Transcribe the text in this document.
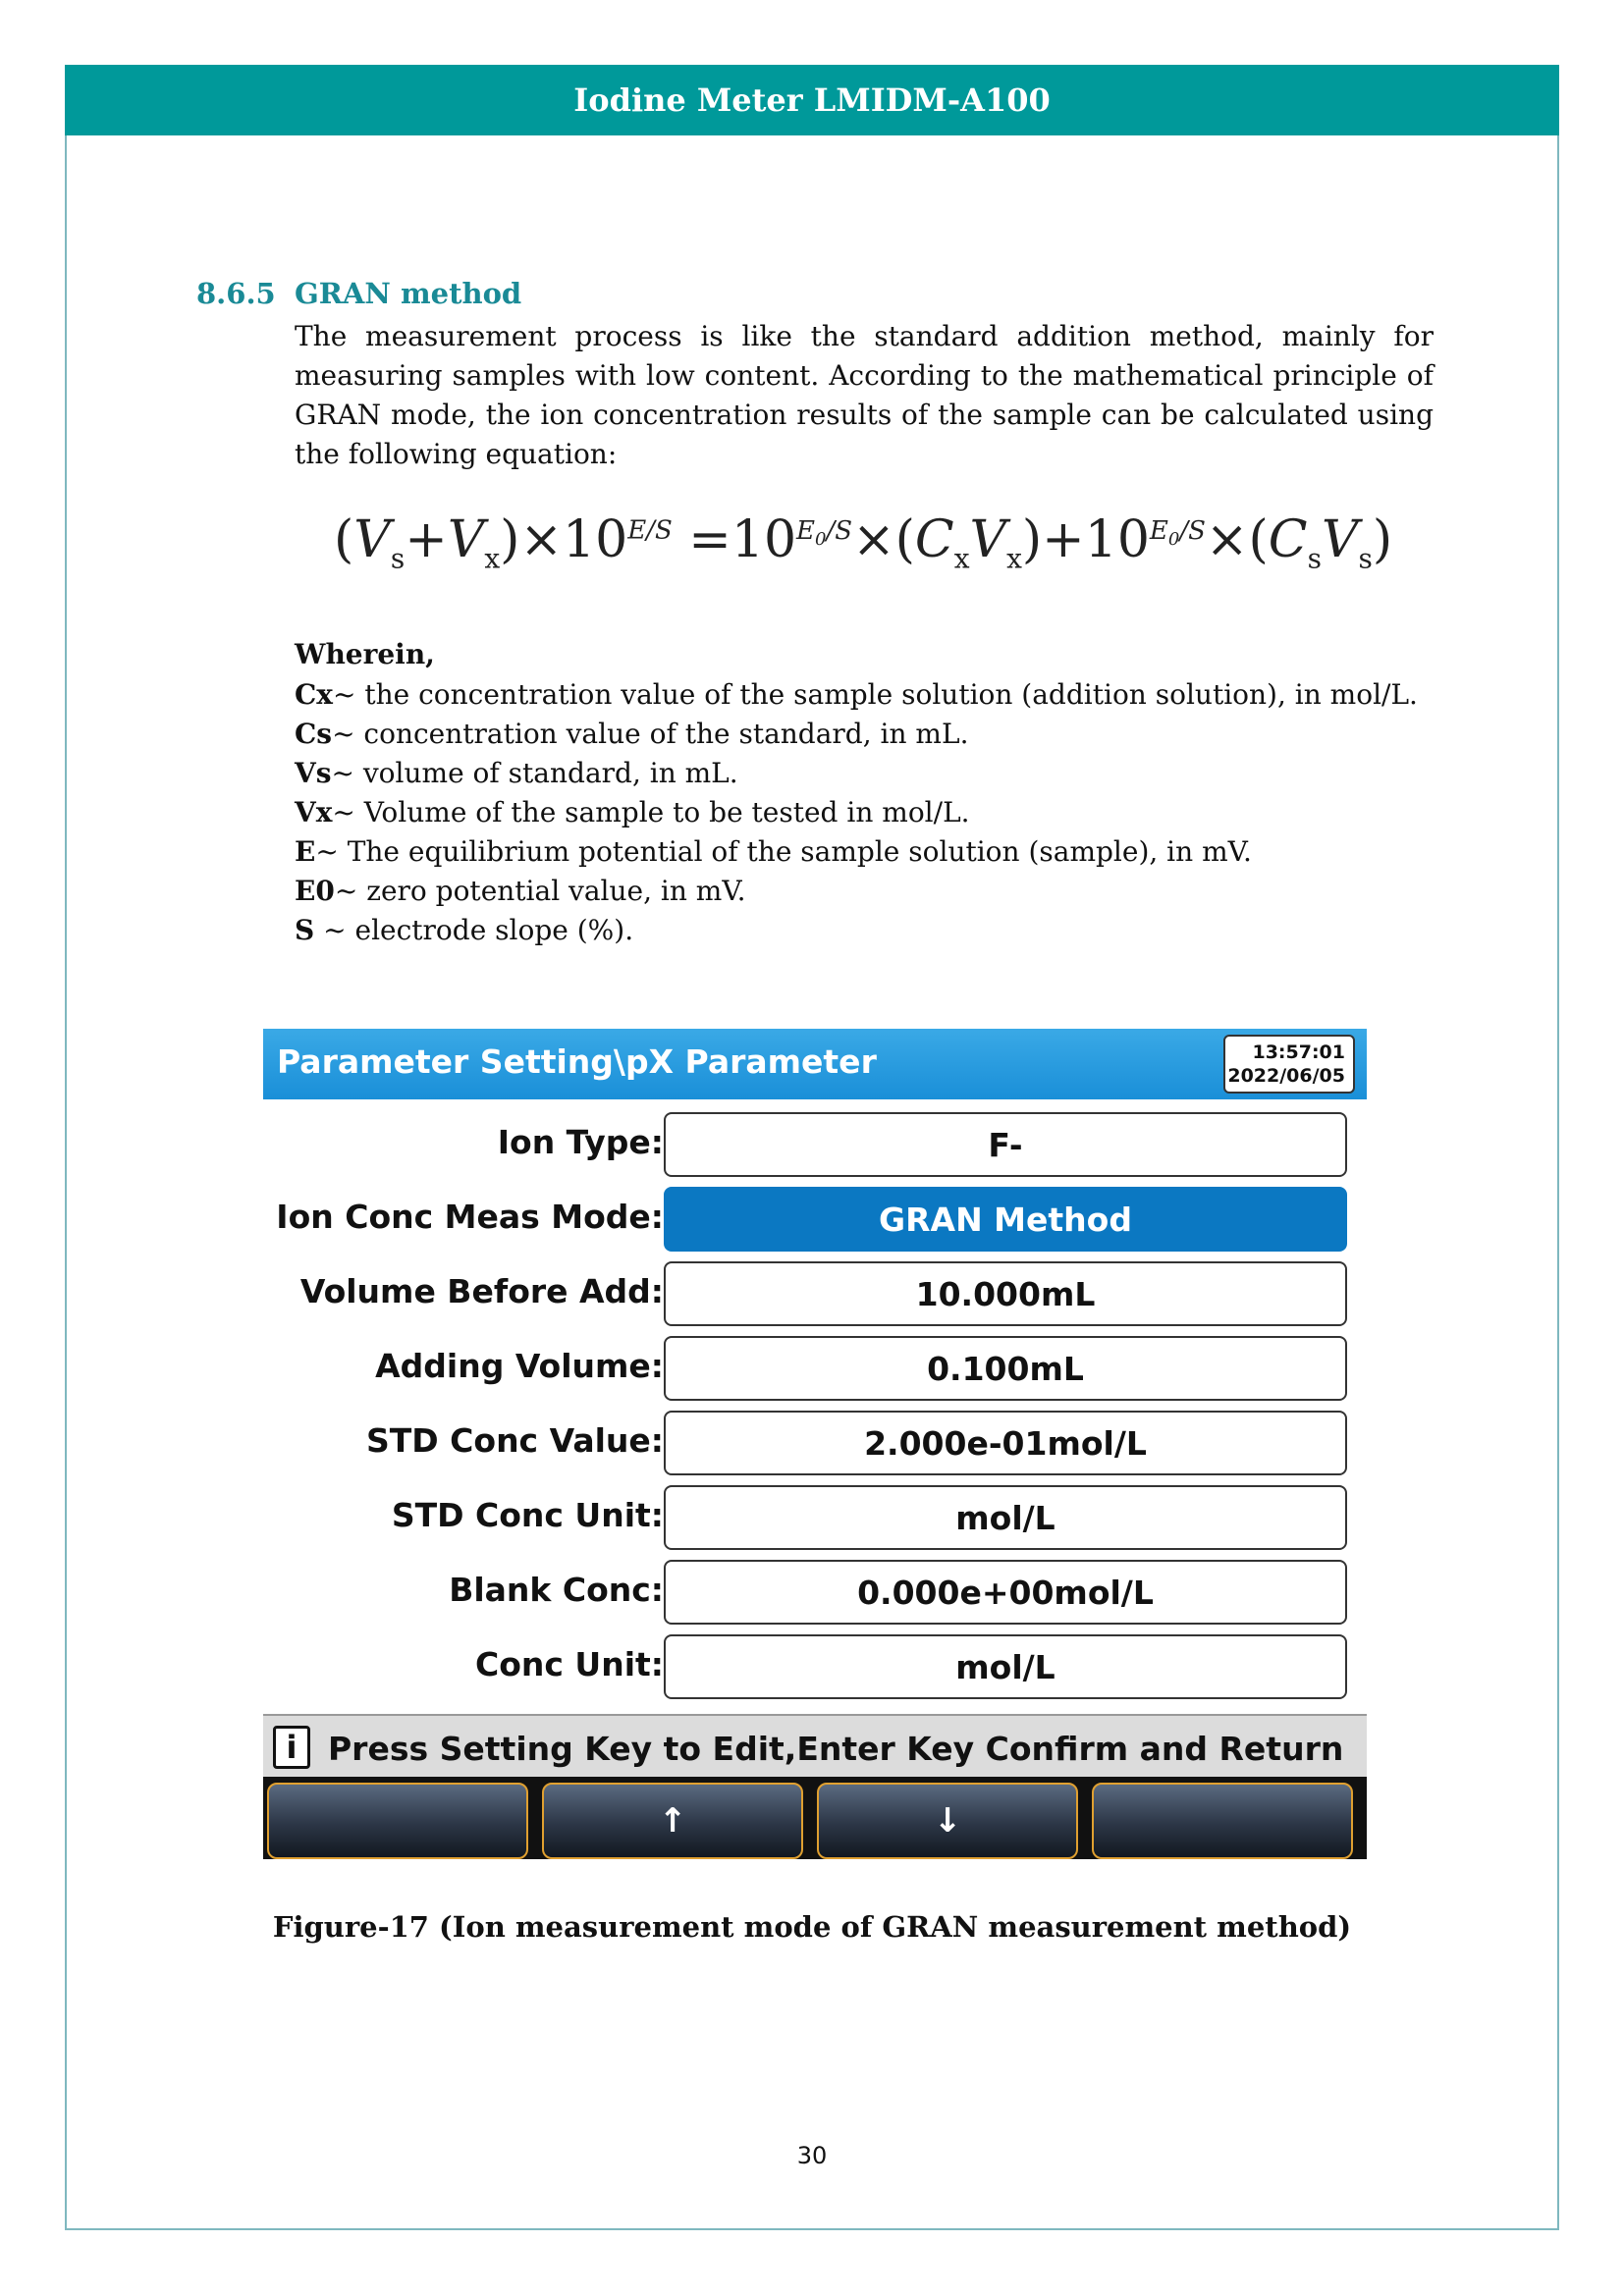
Iodine Meter LMIDM-A100
8.6.5 GRAN method
The measurement process is like the standard addition method, mainly for measuring samples with low content. According to the mathematical principle of GRAN mode, the ion concentration results of the sample can be calculated using the following equation:
$(V_s+V_x)\times 10^{E/S} =10^{E_0/S}\times(C_xV_x)+10^{E_0/S}\times(C_sV_s)$
Wherein,
Cx~ the concentration value of the sample solution (addition solution), in mol/L.
Cs~ concentration value of the standard, in mL.
Vs~ volume of standard, in mL.
Vx~ Volume of the sample to be tested in mol/L.
E~ The equilibrium potential of the sample solution (sample), in mV.
E0~ zero potential value, in mV.
S ~ electrode slope (%).
Parameter Setting\pX Parameter	13:57:01
2022/06/05
Ion Type:	F-
Ion Conc Meas Mode:	GRAN Method
Volume Before Add:	10.000mL
Adding Volume:	0.100mL
STD Conc Value:	2.000e-01mol/L
STD Conc Unit:	mol/L
Blank Conc:	0.000e+00mol/L
Conc Unit:	mol/L
i Press Setting Key to Edit,Enter Key Confirm and Return
↑	↓
Figure-17 (Ion measurement mode of GRAN measurement method)
30
